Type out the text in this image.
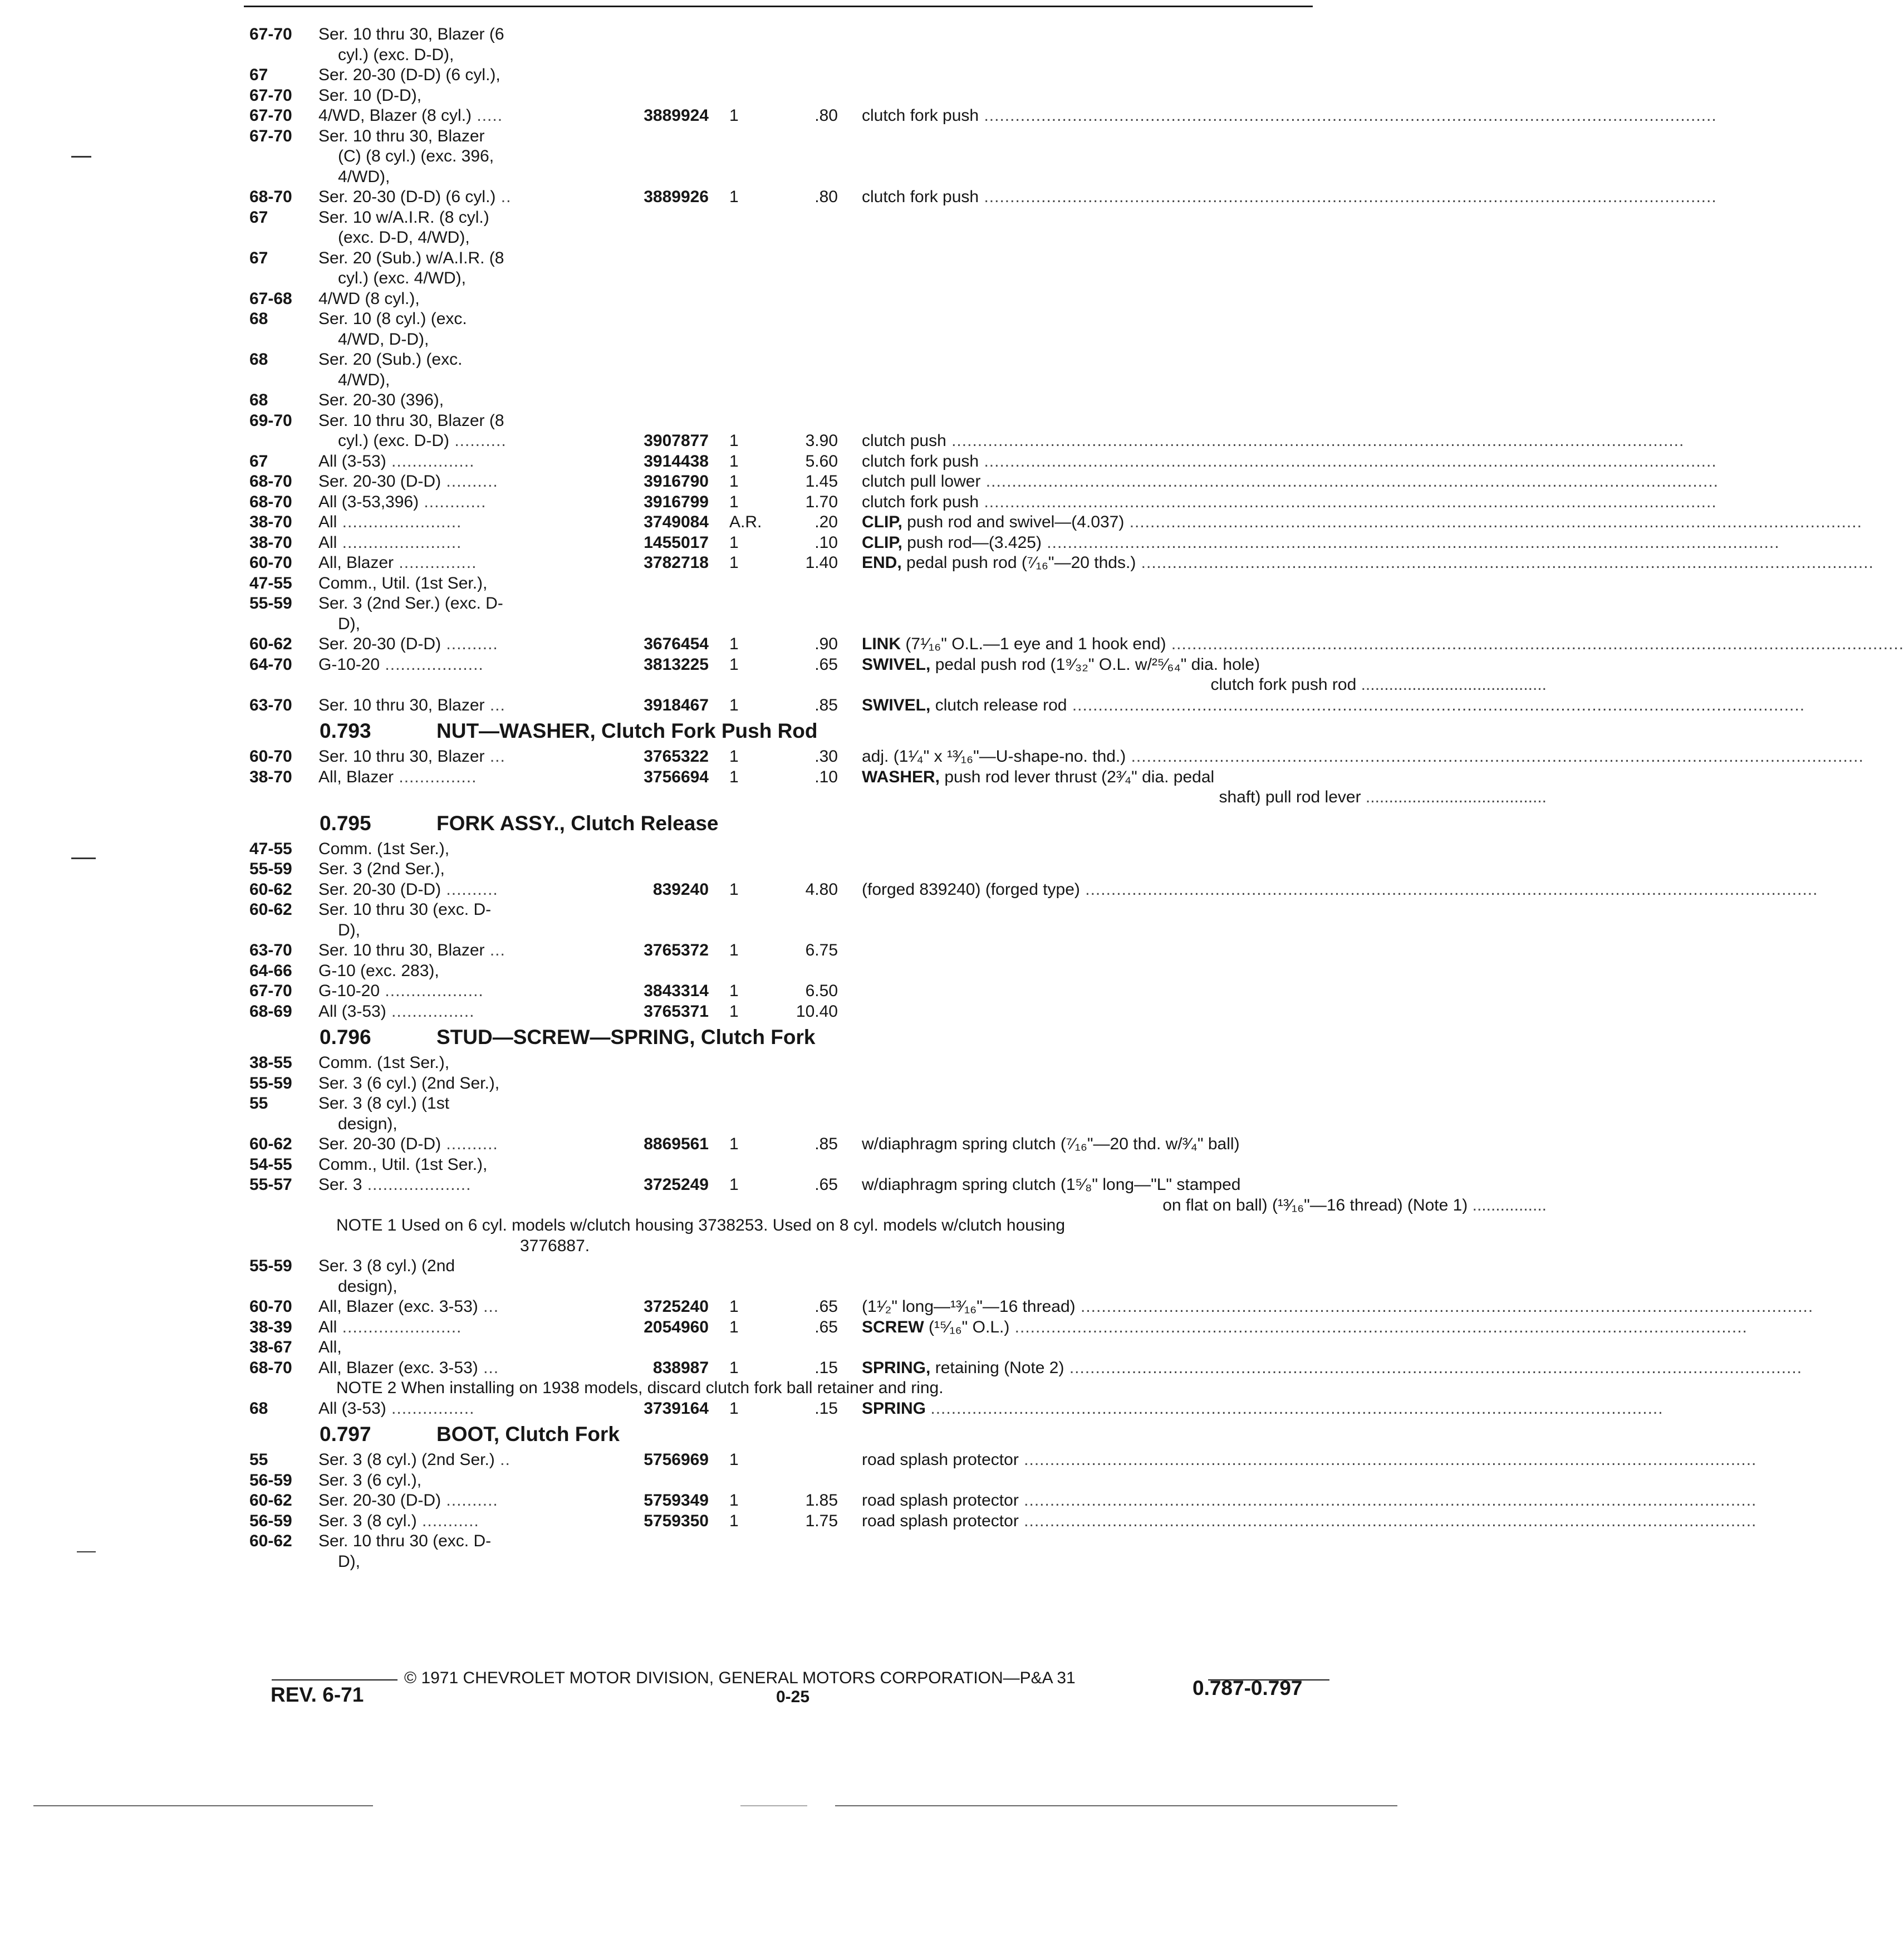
67-70	Ser. 10 thru 30, Blazer (6
cyl.) (exc. D-D),
67	Ser. 20-30 (D-D) (6 cyl.),
67-70	Ser. 10 (D-D),
67-70	4/WD, Blazer (8 cyl.) .....	3889924 1	.80 clutch fork push .............................................................................................................................................
67-70	Ser. 10 thru 30, Blazer
(C) (8 cyl.) (exc. 396,
4/WD),
68-70	Ser. 20-30 (D-D) (6 cyl.) ..	3889926 1	.80 clutch fork push .............................................................................................................................................
67	Ser. 10 w/A.I.R. (8 cyl.)
(exc. D-D, 4/WD),
67	Ser. 20 (Sub.) w/A.I.R. (8
cyl.) (exc. 4/WD),
67-68	4/WD (8 cyl.),
68	Ser. 10 (8 cyl.) (exc.
4/WD, D-D),
68	Ser. 20 (Sub.) (exc.
4/WD),
68	Ser. 20-30 (396),
69-70	Ser. 10 thru 30, Blazer (8
cyl.) (exc. D-D) ..........	3907877 1	3.90 clutch push .............................................................................................................................................
67	All (3-53) ................	3914438 1	5.60 clutch fork push .............................................................................................................................................
68-70	Ser. 20-30 (D-D) ..........	3916790 1	1.45 clutch pull lower .............................................................................................................................................
68-70	All (3-53,396) ............	3916799 1	1.70 clutch fork push .............................................................................................................................................
38-70	All .......................	3749084 A.R.	.20 CLIP, push rod and swivel—(4.037) .............................................................................................................................................
38-70	All .......................	1455017 1	.10 CLIP, push rod—(3.425) .............................................................................................................................................
60-70	All, Blazer ...............	3782718 1	1.40 END, pedal push rod (⁷⁄₁₆"—20 thds.) .............................................................................................................................................
47-55	Comm., Util. (1st Ser.),
55-59	Ser. 3 (2nd Ser.) (exc. D-
D),
60-62	Ser. 20-30 (D-D) ..........	3676454 1	.90 LINK (7¹⁄₁₆" O.L.—1 eye and 1 hook end) .............................................................................................................................................
64-70	G-10-20 ...................	3813225 1	.65 SWIVEL, pedal push rod (1⁹⁄₃₂" O.L. w/²⁵⁄₆₄" dia. hole)
clutch fork push rod ........................................
63-70	Ser. 10 thru 30, Blazer ...	3918467 1	.85 SWIVEL, clutch release rod .............................................................................................................................................
0.793	NUT—WASHER, Clutch Fork Push Rod
60-70	Ser. 10 thru 30, Blazer ...	3765322 1	.30 adj. (1¹⁄₄" x ¹³⁄₁₆"—U-shape-no. thd.) .............................................................................................................................................
38-70	All, Blazer ...............	3756694 1	.10 WASHER, push rod lever thrust (2³⁄₄" dia. pedal
shaft) pull rod lever .......................................
0.795	FORK ASSY., Clutch Release
47-55	Comm. (1st Ser.),
55-59	Ser. 3 (2nd Ser.),
60-62	Ser. 20-30 (D-D) ..........	839240 1	4.80 (forged 839240) (forged type) .............................................................................................................................................
60-62	Ser. 10 thru 30 (exc. D-
D),
63-70	Ser. 10 thru 30, Blazer ...	3765372 1	6.75
64-66	G-10 (exc. 283),
67-70	G-10-20 ...................	3843314 1	6.50
68-69	All (3-53) ................	3765371 1	10.40
0.796	STUD—SCREW—SPRING, Clutch Fork
38-55	Comm. (1st Ser.),
55-59	Ser. 3 (6 cyl.) (2nd Ser.),
55	Ser. 3 (8 cyl.) (1st
design),
60-62	Ser. 20-30 (D-D) ..........	8869561 1	.85 w/diaphragm spring clutch (⁷⁄₁₆"—20 thd. w/³⁄₄" ball)
54-55	Comm., Util. (1st Ser.),
55-57	Ser. 3 ....................	3725249 1	.65 w/diaphragm spring clutch (1⁵⁄₈" long—"L" stamped
on flat on ball) (¹³⁄₁₆"—16 thread) (Note 1) ................
NOTE 1 Used on 6 cyl. models w/clutch housing 3738253. Used on 8 cyl. models w/clutch housing
3776887.
55-59	Ser. 3 (8 cyl.) (2nd
design),
60-70	All, Blazer (exc. 3-53) ...	3725240 1	.65 (1¹⁄₂" long—¹³⁄₁₆"—16 thread) .............................................................................................................................................
38-39	All .......................	2054960 1	.65 SCREW (¹⁵⁄₁₆" O.L.) .............................................................................................................................................
38-67	All,
68-70	All, Blazer (exc. 3-53) ...	838987 1	.15 SPRING, retaining (Note 2) .............................................................................................................................................
NOTE 2 When installing on 1938 models, discard clutch fork ball retainer and ring.
68	All (3-53) ................	3739164 1	.15 SPRING .............................................................................................................................................
0.797	BOOT, Clutch Fork
55	Ser. 3 (8 cyl.) (2nd Ser.) ..	5756969 1	road splash protector .............................................................................................................................................
56-59	Ser. 3 (6 cyl.),
60-62	Ser. 20-30 (D-D) ..........	5759349 1	1.85 road splash protector .............................................................................................................................................
56-59	Ser. 3 (8 cyl.) ...........	5759350 1	1.75 road splash protector .............................................................................................................................................
60-62	Ser. 10 thru 30 (exc. D-
D),
© 1971 CHEVROLET MOTOR DIVISION, GENERAL MOTORS CORPORATION—P&A 31
REV. 6-71	0-25	0.787-0.797
